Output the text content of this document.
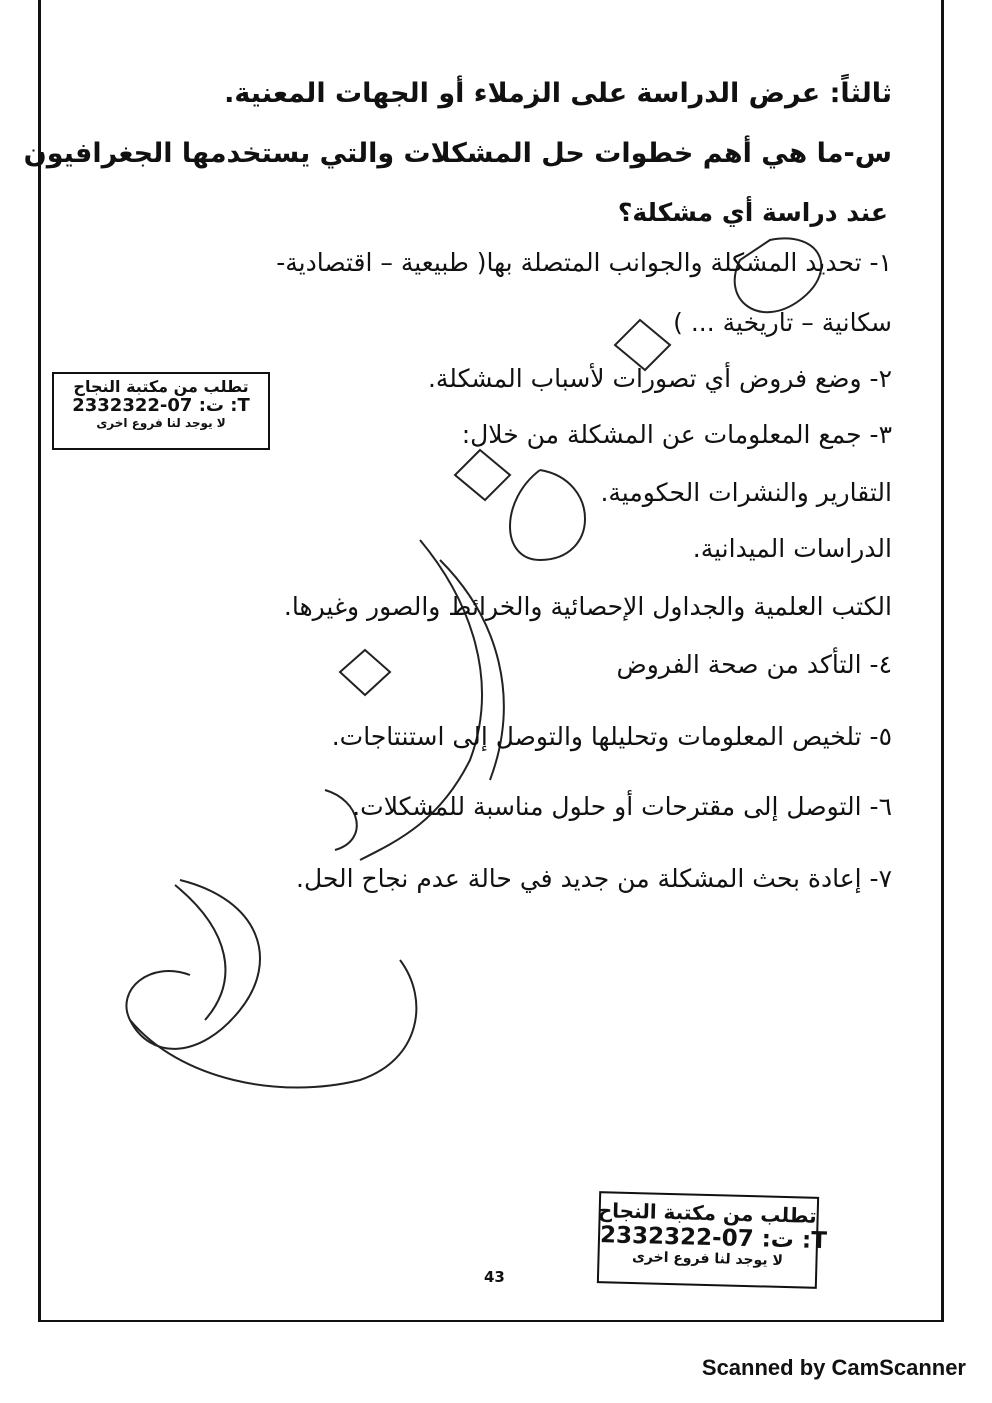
ثالثاً: عرض الدراسة على الزملاء أو الجهات المعنية.
س-ما هي أهم خطوات حل المشكلات والتي يستخدمها الجغرافيون
عند دراسة أي مشكلة؟
١- تحديد المشكلة والجوانب المتصلة بها( طبيعية – اقتصادية-
سكانية – تاريخية ... )
٢- وضع فروض أي تصورات لأسباب المشكلة.
٣- جمع المعلومات عن المشكلة من خلال:
التقارير والنشرات الحكومية.
الدراسات الميدانية.
الكتب العلمية والجداول الإحصائية والخرائط والصور وغيرها.
٤- التأكد من صحة الفروض
٥- تلخيص المعلومات وتحليلها والتوصل إلى استنتاجات.
٦- التوصل إلى مقترحات أو حلول مناسبة للمشكلات.
٧- إعادة بحث المشكلة من جديد في حالة عدم نجاح الحل.
تطلب من مكتبة النجاح
ت: 07-2332322 :T
لا يوجد لنا فروع اخرى
تطلب من مكتبة النجاح
ت: 07-2332322 :T
لا يوجد لنا فروع اخرى
43
Scanned by CamScanner
